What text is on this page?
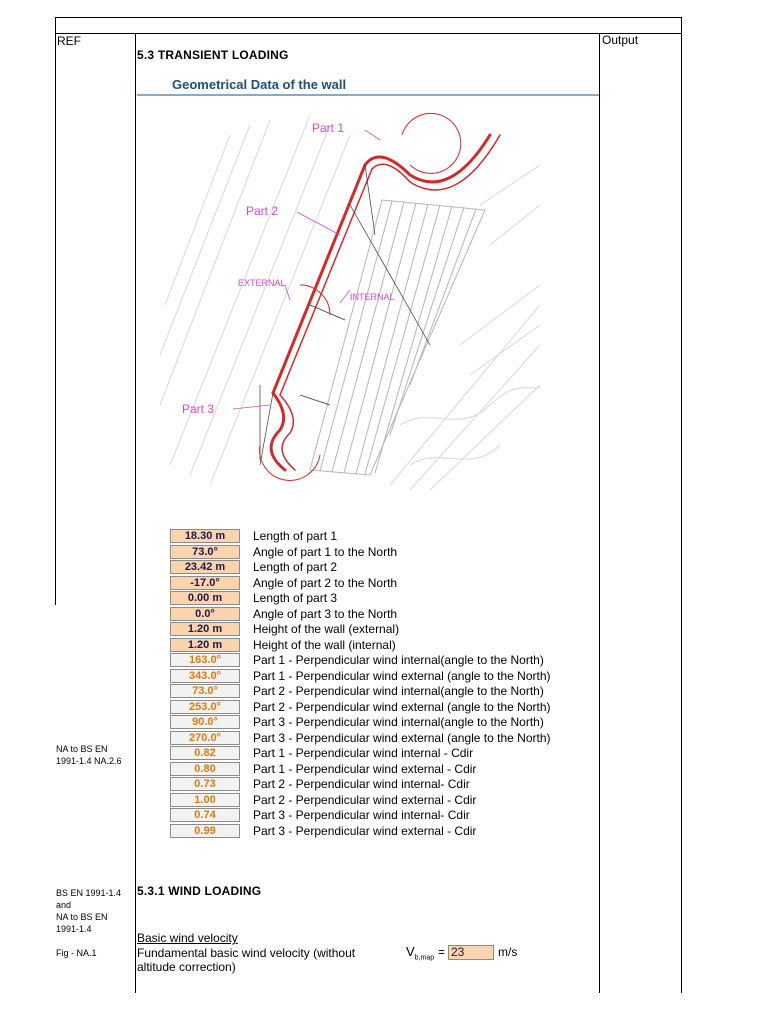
REF	Output
5.3 TRANSIENT LOADING
Geometrical Data of the wall
Part 1
Part 2
Part 3
EXTERNAL
INTERNAL
18.30 m	Length of part 1
73.0°	Angle of part 1 to the North
23.42 m	Length of part 2
-17.0°	Angle of part 2 to the North
0.00 m	Length of part 3
0.0°	Angle of part 3 to the North
1.20 m	Height of the wall (external)
1.20 m	Height of the wall (internal)
163.0°	Part 1 - Perpendicular wind internal(angle to the North)
343.0°	Part 1 - Perpendicular wind external (angle to the North)
73.0°	Part 2 - Perpendicular wind internal(angle to the North)
253.0°	Part 2 - Perpendicular wind external (angle to the North)
90.0°	Part 3 - Perpendicular wind internal(angle to the North)
270.0°	Part 3 - Perpendicular wind external (angle to the North)
0.82	Part 1 - Perpendicular wind internal - Cdir
0.80	Part 1 - Perpendicular wind external - Cdir
0.73	Part 2 - Perpendicular wind internal- Cdir
1.00	Part 2 - Perpendicular wind external - Cdir
0.74	Part 3 - Perpendicular wind internal- Cdir
0.99	Part 3 - Perpendicular wind external - Cdir
NA to BS EN
1991-1.4 NA.2.6
BS EN 1991-1.4
and
NA to BS EN
1991-1.4
Fig - NA.1
5.3.1 WIND LOADING
Basic wind velocity
Fundamental basic wind velocity (without
altitude correction)
$V_{b,map} = 23$	m/s
